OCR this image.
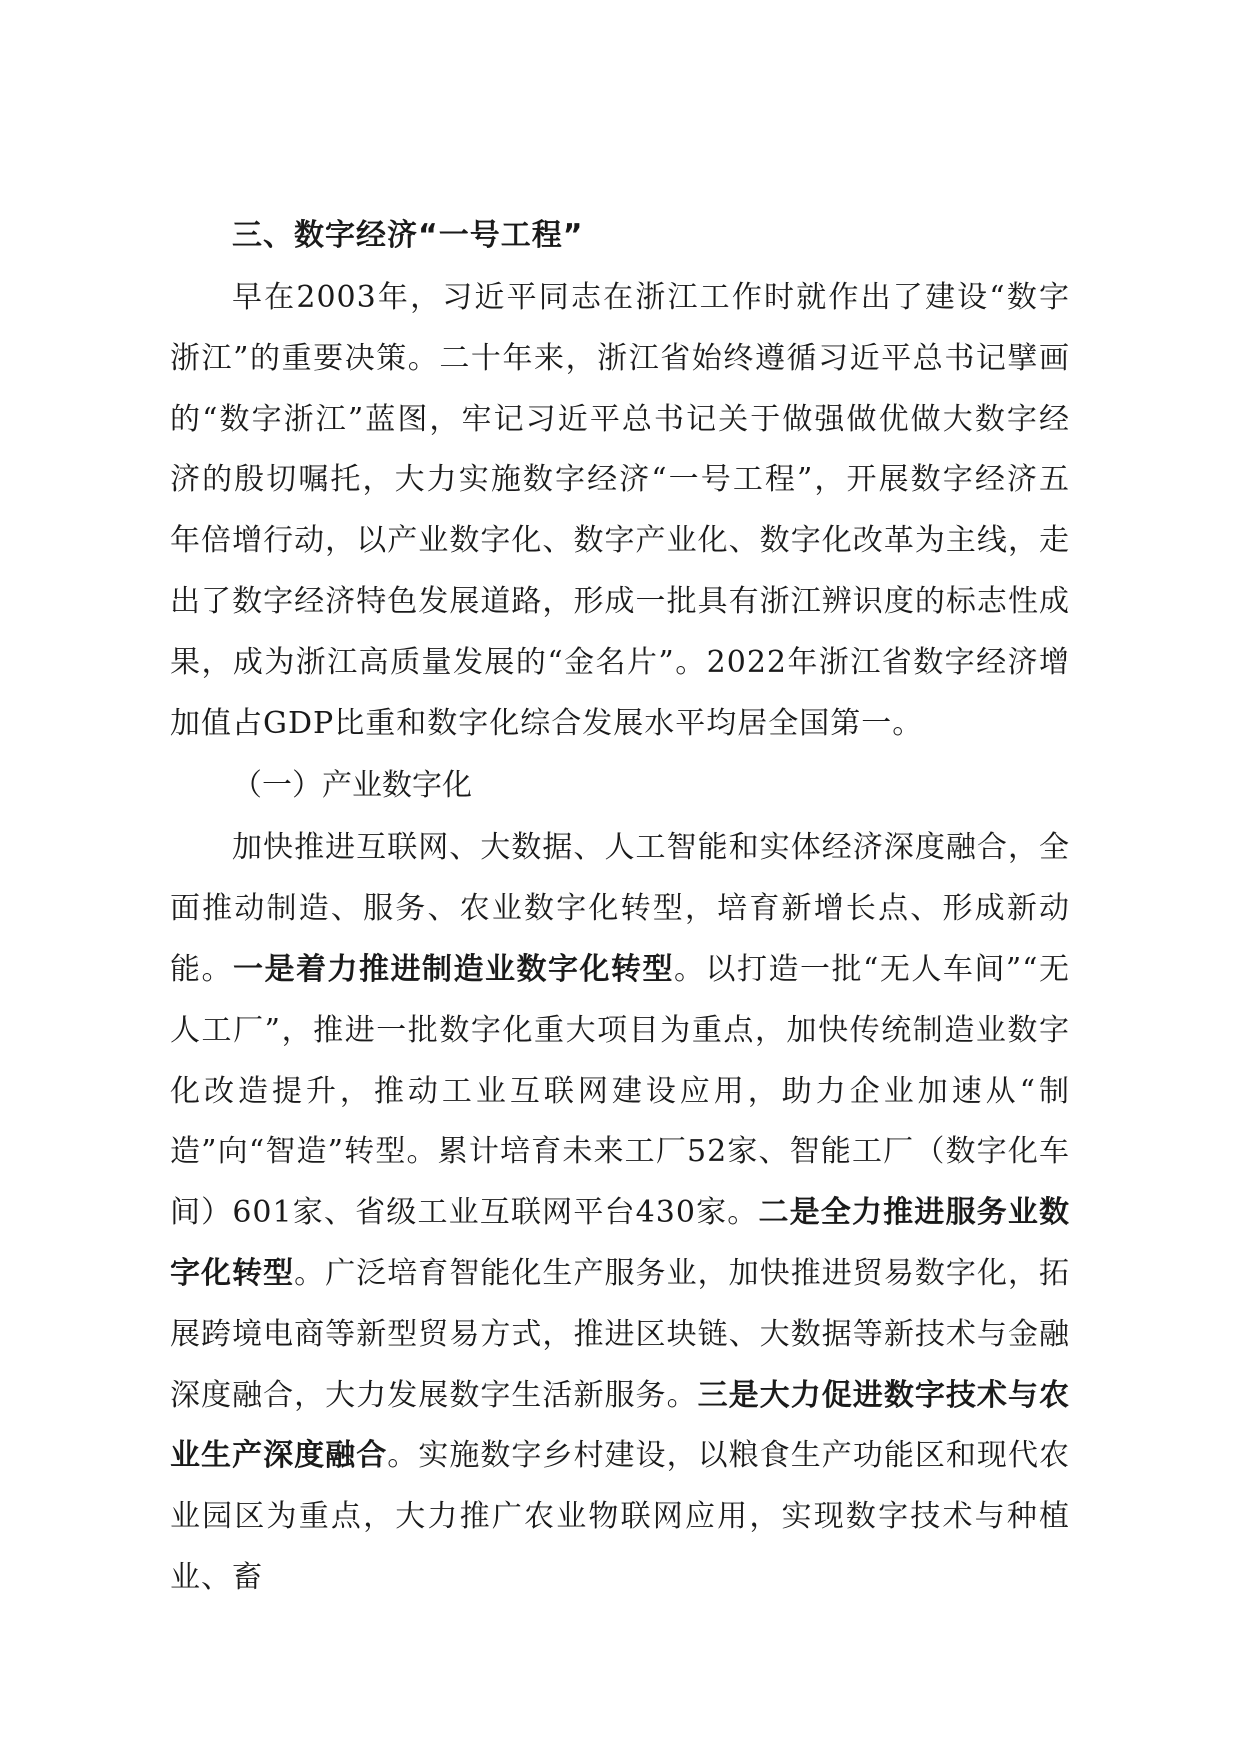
三、数字经济“一号工程”

早在2003年，习近平同志在浙江工作时就作出了建设“数字浙江”的重要决策。二十年来，浙江省始终遵循习近平总书记擘画的“数字浙江”蓝图，牢记习近平总书记关于做强做优做大数字经济的殷切嘱托，大力实施数字经济“一号工程”，开展数字经济五年倍增行动，以产业数字化、数字产业化、数字化改革为主线，走出了数字经济特色发展道路，形成一批具有浙江辨识度的标志性成果，成为浙江高质量发展的“金名片”。2022年浙江省数字经济增加值占GDP比重和数字化综合发展水平均居全国第一。

（一）产业数字化

加快推进互联网、大数据、人工智能和实体经济深度融合，全面推动制造、服务、农业数字化转型，培育新增长点、形成新动能。一是着力推进制造业数字化转型。以打造一批“无人车间”“无人工厂”，推进一批数字化重大项目为重点，加快传统制造业数字化改造提升，推动工业互联网建设应用，助力企业加速从“制造”向“智造”转型。累计培育未来工厂52家、智能工厂（数字化车间）601家、省级工业互联网平台430家。二是全力推进服务业数字化转型。广泛培育智能化生产服务业，加快推进贸易数字化，拓展跨境电商等新型贸易方式，推进区块链、大数据等新技术与金融深度融合，大力发展数字生活新服务。三是大力促进数字技术与农业生产深度融合。实施数字乡村建设，以粮食生产功能区和现代农业园区为重点，大力推广农业物联网应用，实现数字技术与种植业、畜
